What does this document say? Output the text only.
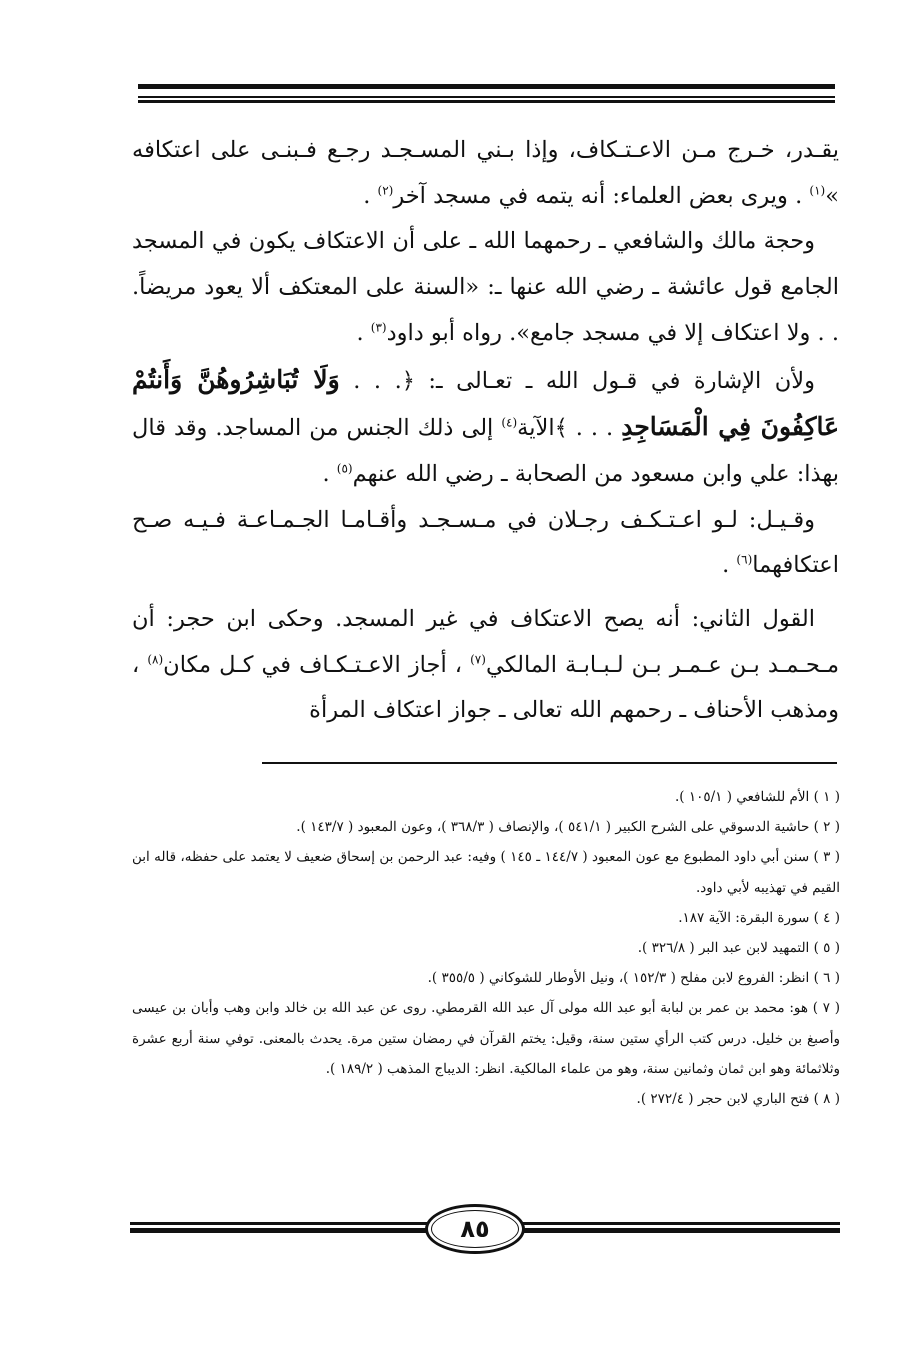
يقـدر، خـرج مـن الاعـتـكاف، وإذا بـني المسـجـد رجـع فـبنـى على اعتكافه »$^{(١)}$ . ويرى بعض العلماء: أنه يتمه في مسجد آخر$^{(٢)}$ .

وحجة مالك والشافعي ـ رحمهما الله ـ على أن الاعتكاف يكون في المسجد الجامع قول عائشة ـ رضي الله عنها ـ: «السنة على المعتكف ألا يعود مريضاً. . . ولا اعتكاف إلا في مسجد جامع». رواه أبو داود$^{(٣)}$ .

ولأن الإشارة في قـول الله ـ تعـالى ـ: ﴿. . . وَلَا تُبَاشِرُوهُنَّ وَأَنتُمْ عَاكِفُونَ فِي الْمَسَاجِدِ . . . ﴾الآية$^{(٤)}$ إلى ذلك الجنس من المساجد. وقد قال بهذا: علي وابن مسعود من الصحابة ـ رضي الله عنهم$^{(٥)}$ .

وقـيـل: لـو اعـتـكـف رجـلان في مـسـجـد وأقـامـا الجـمـاعـة فـيـه صـح اعتكافهما$^{(٦)}$ .

القول الثاني: أنه يصح الاعتكاف في غير المسجد. وحكى ابن حجر: أن مـحـمـد بـن عـمـر بـن لـبـابـة المالكي$^{(٧)}$ ، أجاز الاعـتـكـاف في كـل مكان$^{(٨)}$ ، ومذهب الأحناف ـ رحمهم الله تعالى ـ جواز اعتكاف المرأة

( ١ ) الأم للشافعي ( ١٠٥/١ ).

( ٢ ) حاشية الدسوقي على الشرح الكبير ( ٥٤١/١ )، والإنصاف ( ٣٦٨/٣ )، وعون المعبود ( ١٤٣/٧ ).

( ٣ ) سنن أبي داود المطبوع مع عون المعبود ( ١٤٤/٧ ـ ١٤٥ ) وفيه: عبد الرحمن بن إسحاق ضعيف لا يعتمد على حفظه، قاله ابن القيم في تهذيبه لأبي داود.

( ٤ ) سورة البقرة: الآية ١٨٧.

( ٥ ) التمهيد لابن عبد البر ( ٣٢٦/٨ ).

( ٦ ) انظر: الفروع لابن مفلح ( ١٥٢/٣ )، ونيل الأوطار للشوكاني ( ٣٥٥/٥ ).

( ٧ ) هو: محمد بن عمر بن لبابة أبو عبد الله مولى آل عبد الله القرمطي. روى عن عبد الله بن خالد وابن وهب وأبان بن عيسى وأصبغ بن خليل. درس كتب الرأي ستين سنة، وقيل: يختم القرآن في رمضان ستين مرة. يحدث بالمعنى. توفي سنة أربع عشرة وثلاثمائة وهو ابن ثمان وثمانين سنة، وهو من علماء المالكية. انظر: الديباج المذهب ( ١٨٩/٢ ).

( ٨ ) فتح الباري لابن حجر ( ٢٧٢/٤ ).

٨٥
